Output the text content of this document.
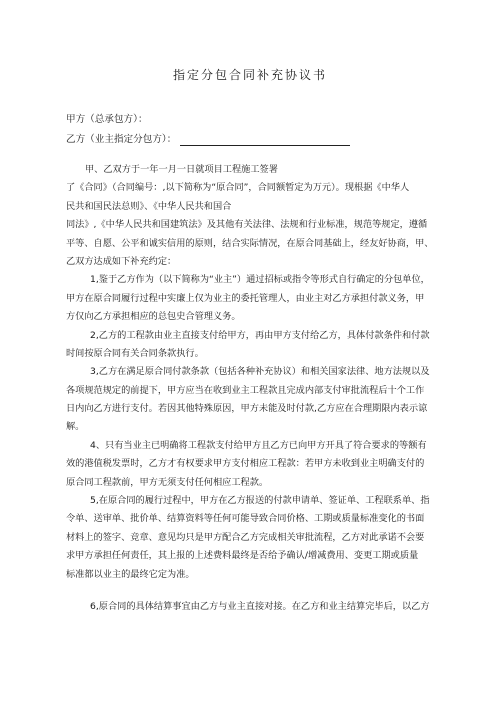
指定分包合同补充协议书
甲方（总承包方）：
乙方（业主指定分包方）：
甲、乙双方于一年一月一日就项目工程施工签署
了《合同》（合同编号：,以下简称为“原合同”，合同额暂定为万元）。现根据《中华人
民共和国民法总则》、《中华人民共和国合
同法》,《中华人民共和国建筑法》及其他有关法律、法规和行业标准，规范等规定，遵循
平等、自愿、公平和诚实信用的原则，结合实际情况，在原合同基础上，经友好协商，甲、
乙双方达成如下补充约定：
1,鉴于乙方作为（以下简称为“业主”）通过招标或指令等形式自行确定的分包单位，
甲方在原合同履行过程中实廉上仅为业主的委托管理人，由业主对乙方承担付款义务，甲
方仅向乙方承担相应的总包史合管理义务。
2,乙方的工程款由业主直接支付给甲方，再由甲方支付给乙方，具体付款条件和付款
时间按原合同有关合同条款执行。
3,乙方在满足原合同付款条款（包括各种补充协议）和相关国家法律、地方法规以及
各项规范规定的前提下，甲方应当在收到业主工程款且完成内部支付审批流程后十个工作
日内向乙方进行支付。若因其他特殊原因，甲方未能及时付款,乙方应在合理期限内表示谅
解。
4、只有当业主已明确将工程款支付给甲方且乙方已向甲方开具了符合要求的等额有
效的港值税发票时，乙方才有权要求甲方支付相应工程款：若甲方未收到业主明确支付的
原合同工程款前，甲方无须支付任何相应工程款。
5,在原合同的履行过程中，甲方在乙方报送的付款申请单、签证单、工程联系单、指
令单、送审单、批价单、结算资料等任何可能导致合同价格、工期或质量标准变化的书面
材料上的签字、竞章、意见均只是甲方配合乙方完成相关审批流程，乙方对此承诺不会要
求甲方承担任何责任，其上报的上述费料最终是否给予确认/增减费用、变更工期或质量
标准都以业主的最终它定为准。
6,原合同的具体结算事宜由乙方与业主直接对接。在乙方和业主结算完毕后，以乙方
